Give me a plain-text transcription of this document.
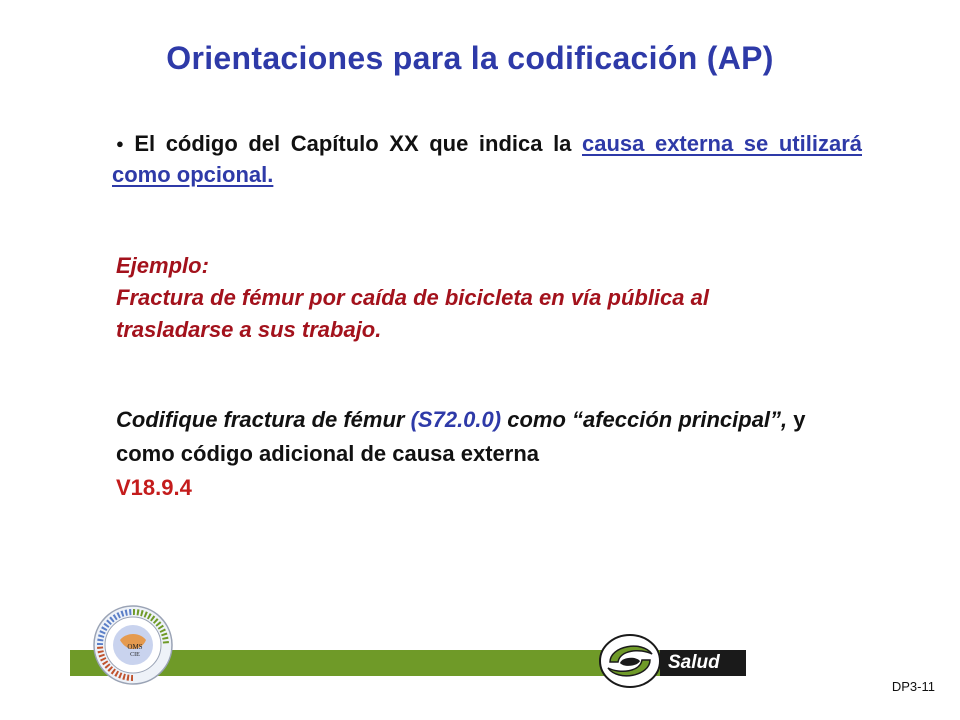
Orientaciones para la codificación (AP)
● El código del Capítulo XX que indica la causa externa se utilizará como opcional.
Ejemplo:
Fractura de fémur por caída de bicicleta en vía pública al
trasladarse a sus trabajo.
Codifique fractura de fémur (S72.0.0) como “afección principal”, y como código adicional de causa externa
V18.9.4
Salud
OMS
CIE
DP3-11
